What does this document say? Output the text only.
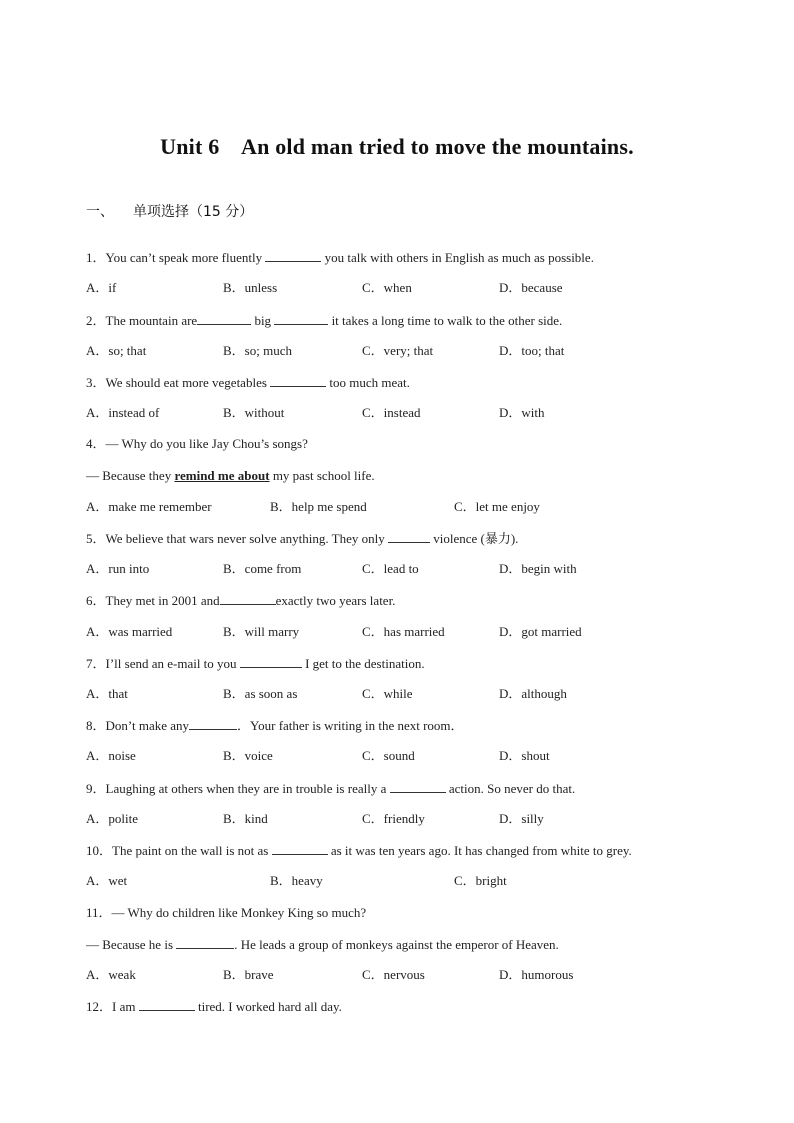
Unit 6    An old man tried to move the mountains.
一、 单项选择（15 分）
1．You can’t speak more fluently	you talk with others in English as much as possible.
A．if	B．unless	C．when	D．because
2．The mountain are	big	it takes a long time to walk to the other side.
A．so; that	B．so; much	C．very; that	D．too; that
3．We should eat more vegetables	too much meat.
A．instead of	B．without	C．instead	D．with
4．— Why do you like Jay Chou’s songs?
— Because they remind me about my past school life.
A．make me remember	B．help me spend	C．let me enjoy
5．We believe that wars never solve anything. They only	violence (暴力).
A．run into	B．come from	C．lead to	D．begin with
6．They met in 2001 and	exactly two years later.
A．was married	B．will marry	C．has married	D．got married
7．I’ll send an e-mail to you	I get to the destination.
A．that	B．as soon as	C．while	D．although
8．Don’t make any	．Your father is writing in the next room．
A．noise	B．voice	C．sound	D．shout
9．Laughing at others when they are in trouble is really a	action. So never do that.
A．polite	B．kind	C．friendly	D．silly
10．The paint on the wall is not as	as it was ten years ago. It has changed from white to grey.
A．wet	B．heavy	C．bright
11．— Why do children like Monkey King so much?
— Because he is	. He leads a group of monkeys against the emperor of Heaven.
A．weak	B．brave	C．nervous	D．humorous
12．I am	tired. I worked hard all day.
